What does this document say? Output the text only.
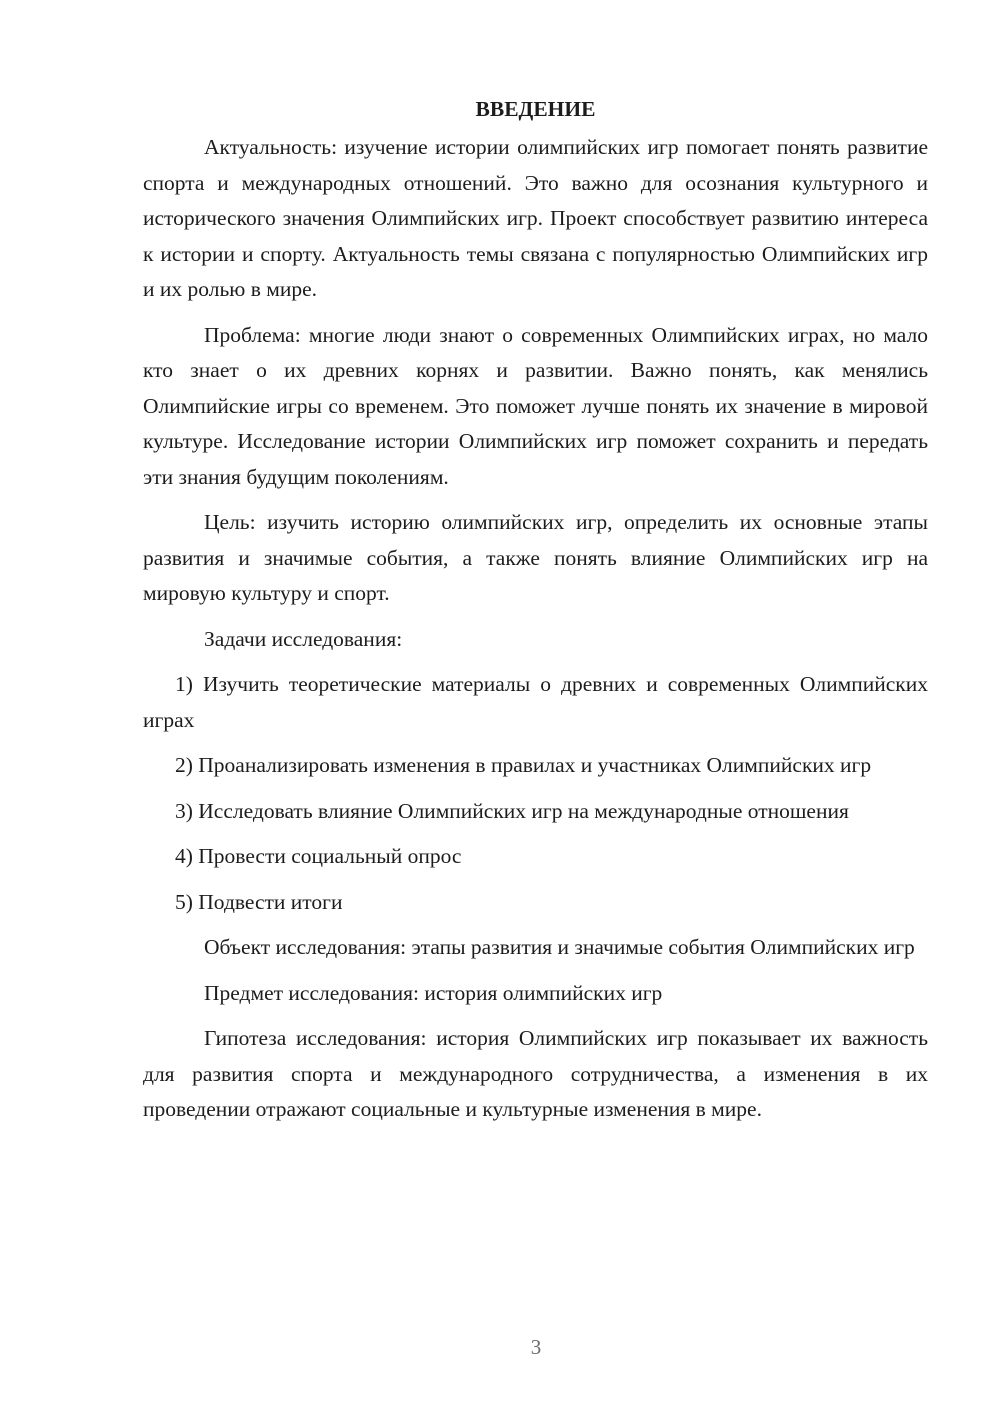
ВВЕДЕНИЕ

Актуальность: изучение истории олимпийских игр помогает понять развитие спорта и международных отношений. Это важно для осознания культурного и исторического значения Олимпийских игр. Проект способствует развитию интереса к истории и спорту. Актуальность темы связана с популярностью Олимпийских игр и их ролью в мире.

Проблема: многие люди знают о современных Олимпийских играх, но мало кто знает о их древних корнях и развитии. Важно понять, как менялись Олимпийские игры со временем. Это поможет лучше понять их значение в мировой культуре. Исследование истории Олимпийских игр поможет сохранить и передать эти знания будущим поколениям.

Цель: изучить историю олимпийских игр, определить их основные этапы развития и значимые события, а также понять влияние Олимпийских игр на мировую культуру и спорт.

Задачи исследования:

1) Изучить теоретические материалы о древних и современных Олимпийских играх

2) Проанализировать изменения в правилах и участниках Олимпийских игр

3) Исследовать влияние Олимпийских игр на международные отношения

4) Провести социальный опрос

5) Подвести итоги

Объект исследования: этапы развития и значимые события Олимпийских игр

Предмет исследования: история олимпийских игр

Гипотеза исследования: история Олимпийских игр показывает их важность для развития спорта и международного сотрудничества, а изменения в их проведении отражают социальные и культурные изменения в мире.

3
